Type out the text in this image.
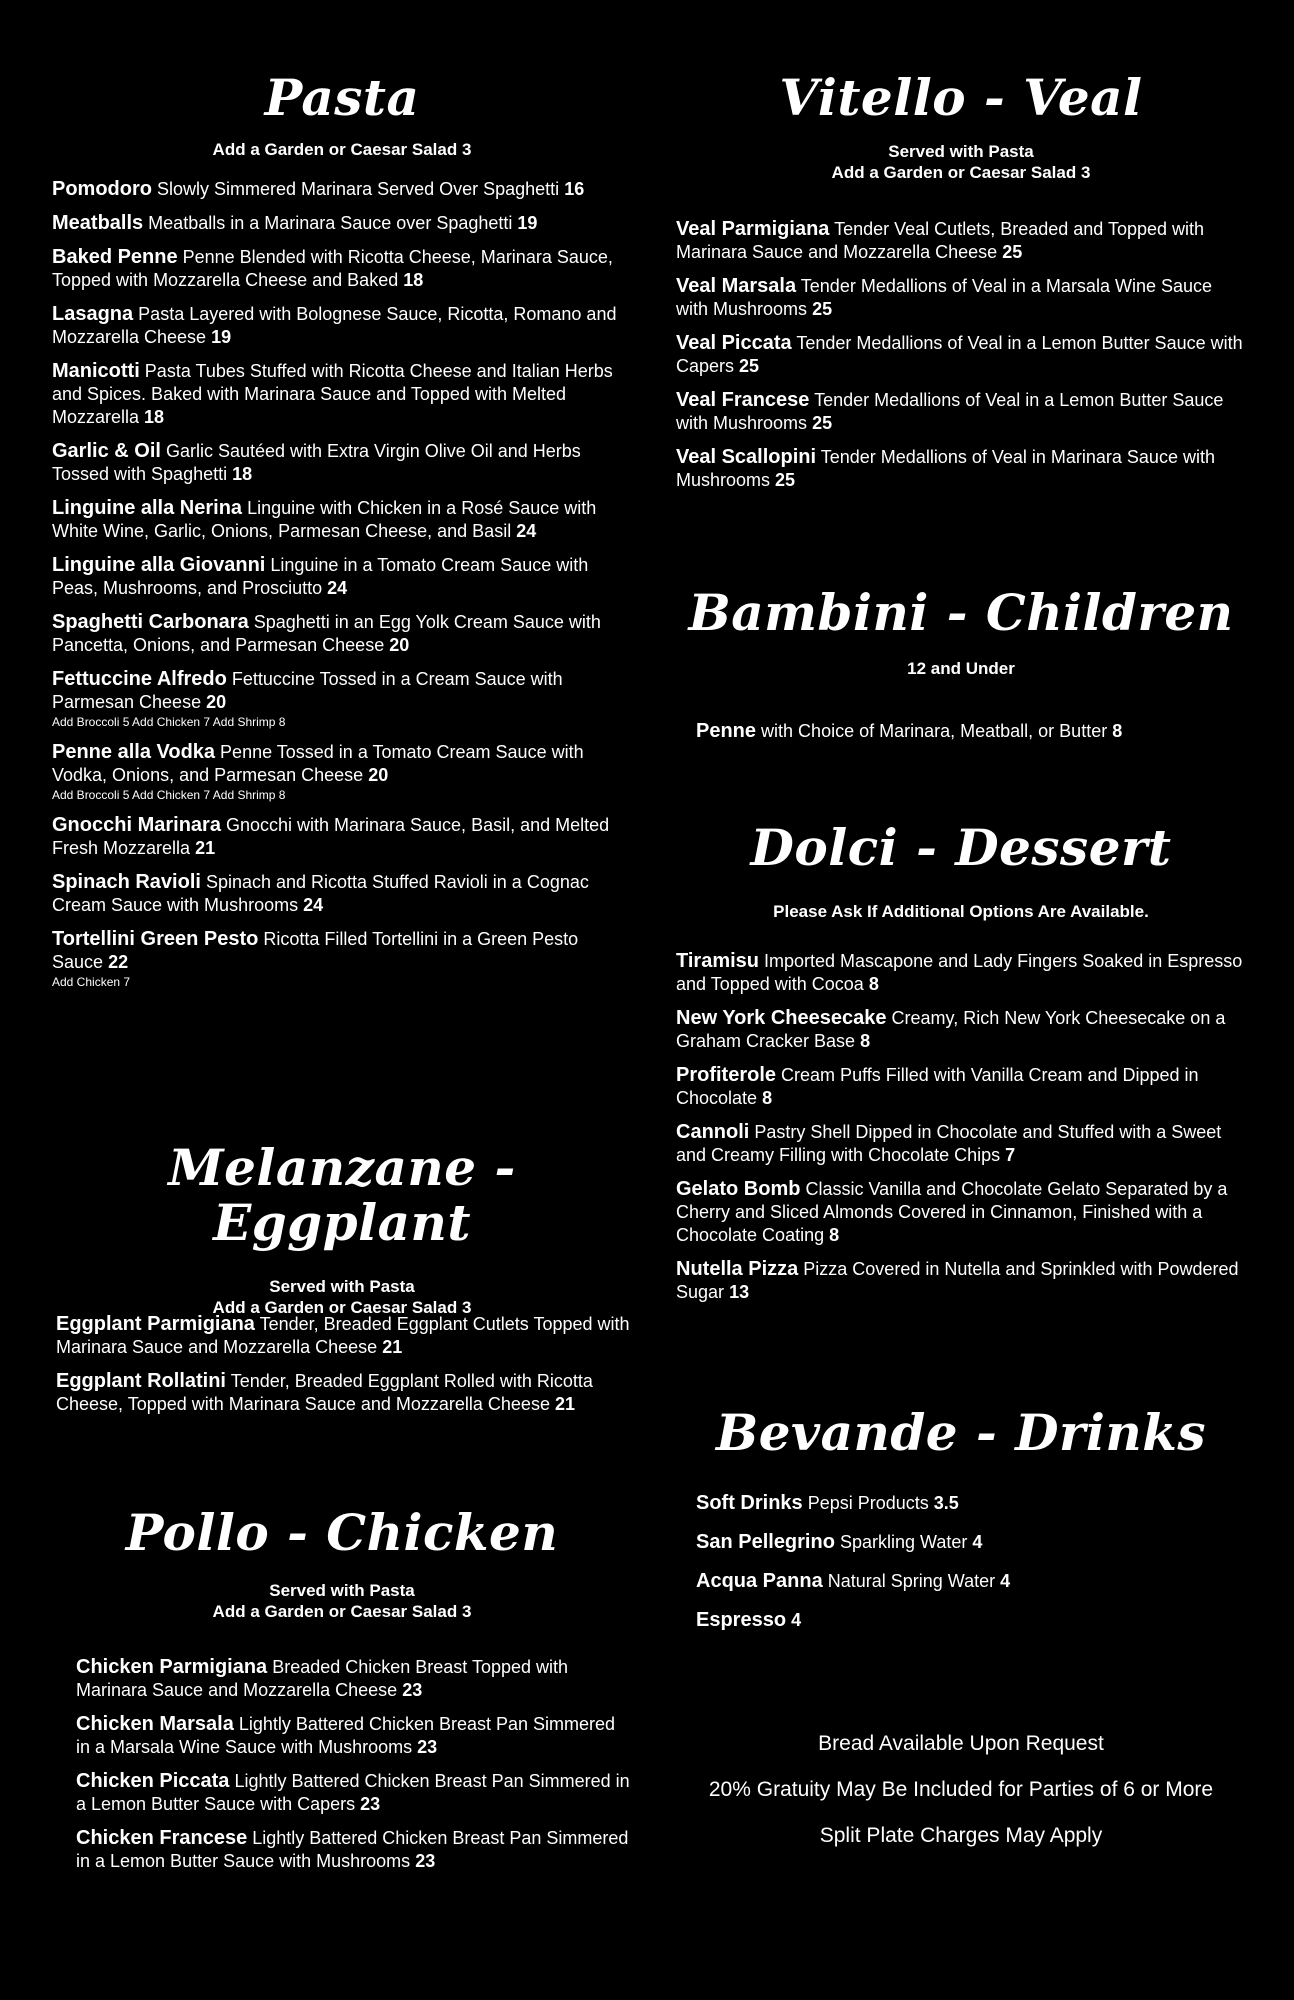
Pasta

Add a Garden or Caesar Salad 3

Pomodoro Slowly Simmered Marinara Served Over Spaghetti 16

Meatballs Meatballs in a Marinara Sauce over Spaghetti 19

Baked Penne Penne Blended with Ricotta Cheese, Marinara Sauce, Topped with Mozzarella Cheese and Baked 18

Lasagna Pasta Layered with Bolognese Sauce, Ricotta, Romano and Mozzarella Cheese 19

Manicotti Pasta Tubes Stuffed with Ricotta Cheese and Italian Herbs and Spices. Baked with Marinara Sauce and Topped with Melted Mozzarella 18

Garlic & Oil Garlic Sautéed with Extra Virgin Olive Oil and Herbs Tossed with Spaghetti 18

Linguine alla Nerina Linguine with Chicken in a Rosé Sauce with White Wine, Garlic, Onions, Parmesan Cheese, and Basil 24

Linguine alla Giovanni Linguine in a Tomato Cream Sauce with Peas, Mushrooms, and Prosciutto 24

Spaghetti Carbonara Spaghetti in an Egg Yolk Cream Sauce with Pancetta, Onions, and Parmesan Cheese 20

Fettuccine Alfredo Fettuccine Tossed in a Cream Sauce with Parmesan Cheese 20
Add Broccoli 5 Add Chicken 7 Add Shrimp 8

Penne alla Vodka Penne Tossed in a Tomato Cream Sauce with Vodka, Onions, and Parmesan Cheese 20
Add Broccoli 5 Add Chicken 7 Add Shrimp 8

Gnocchi Marinara Gnocchi with Marinara Sauce, Basil, and Melted Fresh Mozzarella 21

Spinach Ravioli Spinach and Ricotta Stuffed Ravioli in a Cognac Cream Sauce with Mushrooms 24

Tortellini Green Pesto Ricotta Filled Tortellini in a Green Pesto Sauce 22
Add Chicken 7

Melanzane - Eggplant

Served with Pasta

Add a Garden or Caesar Salad 3

Eggplant Parmigiana Tender, Breaded Eggplant Cutlets Topped with Marinara Sauce and Mozzarella Cheese 21

Eggplant Rollatini Tender, Breaded Eggplant Rolled with Ricotta Cheese, Topped with Marinara Sauce and Mozzarella Cheese 21

Pollo - Chicken

Served with Pasta

Add a Garden or Caesar Salad 3

Chicken Parmigiana Breaded Chicken Breast Topped with Marinara Sauce and Mozzarella Cheese 23

Chicken Marsala Lightly Battered Chicken Breast Pan Simmered in a Marsala Wine Sauce with Mushrooms 23

Chicken Piccata Lightly Battered Chicken Breast Pan Simmered in a Lemon Butter Sauce with Capers 23

Chicken Francese Lightly Battered Chicken Breast Pan Simmered in a Lemon Butter Sauce with Mushrooms 23

Vitello - Veal

Served with Pasta

Add a Garden or Caesar Salad 3

Veal Parmigiana Tender Veal Cutlets, Breaded and Topped with Marinara Sauce and Mozzarella Cheese 25

Veal Marsala Tender Medallions of Veal in a Marsala Wine Sauce with Mushrooms 25

Veal Piccata Tender Medallions of Veal in a Lemon Butter Sauce with Capers 25

Veal Francese Tender Medallions of Veal in a Lemon Butter Sauce with Mushrooms 25

Veal Scallopini Tender Medallions of Veal in Marinara Sauce with Mushrooms 25

Bambini - Children

12 and Under

Penne with Choice of Marinara, Meatball, or Butter 8

Dolci - Dessert

Please Ask If Additional Options Are Available.

Tiramisu Imported Mascapone and Lady Fingers Soaked in Espresso and Topped with Cocoa 8

New York Cheesecake Creamy, Rich New York Cheesecake on a Graham Cracker Base 8

Profiterole Cream Puffs Filled with Vanilla Cream and Dipped in Chocolate 8

Cannoli Pastry Shell Dipped in Chocolate and Stuffed with a Sweet and Creamy Filling with Chocolate Chips 7

Gelato Bomb Classic Vanilla and Chocolate Gelato Separated by a Cherry and Sliced Almonds Covered in Cinnamon, Finished with a Chocolate Coating 8

Nutella Pizza Pizza Covered in Nutella and Sprinkled with Powdered Sugar 13

Bevande - Drinks

Soft Drinks Pepsi Products 3.5

San Pellegrino Sparkling Water 4

Acqua Panna Natural Spring Water 4

Espresso 4

Bread Available Upon Request

20% Gratuity May Be Included for Parties of 6 or More

Split Plate Charges May Apply
